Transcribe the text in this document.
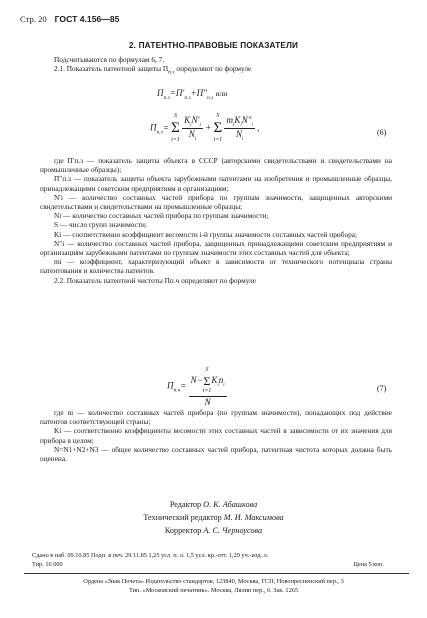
Стр. 20 ГОСТ 4.156—85
2. ПАТЕНТНО-ПРАВОВЫЕ ПОКАЗАТЕЛИ
Подсчитываются по формулам 6, 7.
2.1. Показатель патентной защиты $П_{п.з}$ определяют по формуле
$П_{п.з}=П'_{п.з}+П''_{п.з}$ или
$П_{п.з}=$
S
Σ
i=1
$\frac{K_iN'_i}{N_i}$ +
S
Σ
i=1
$\frac{m_iK_iN''_i}{N_i}$ ,	(6)
где П′п.з — показатель защиты объекта в СССР (авторскими свидетельствами и свидетельствами на промышленные образцы);
П″п.з — показатель защиты объекта зарубежными патентами на изобретения и промышленные образцы, принадлежащими советским предприятиям и организациям;
N′i — количество составных частей прибора по группам значимости, защищенных авторскими свидетельствами и свидетельствами на промышленные образцы;
Ni — количество составных частей прибора по группам значимости;
S — число групп значимости;
Ki — соответственно коэффициент весомости i-й группы значимости составных частей прибора;
N″i — количество составных частей прибора, защищенных принадлежащими советским предприятиям и организациям зарубежными патентами по группам значимости этих составных частей для объекта;
mi — коэффициент, характеризующий объект в зависимости от технического потенциала страны патентования и количества патентов.
2.2. Показатель патентной чистоты Пп.ч определяют по формуле
$П_{п.ч}= N-$
S
Σ
i=1
$K_in_i$
N	(7)
где ni — количество составных частей прибора (по группам значимости), попадающих под действие патентов соответствующей страны;
Ki — соответственно коэффициенты весомости этих составных частей в зависимости от их значения для прибора в целом;
N=N1+N2+N3 — общее количество составных частей прибора, патентная чистота которых должна быть оценена.
Редактор О. К. Абашкова
Технический редактор М. И. Максимова
Корректор А. С. Черноусова
Сдано в наб. 09.10.85 Подп. в печ. 29.11.85 1,25 усл. п. л. 1,5 усл. кр.-отт. 1,29 уч.-изд. л.
Тир. 16 000	Цена 5 коп.
Ордена «Знак Почета» Издательство стандартов, 123840, Москва, ГСП, Новопресненский пер., 3
Тип. «Московский печатник». Москва, Лялин пер., 6. Зак. 1265
